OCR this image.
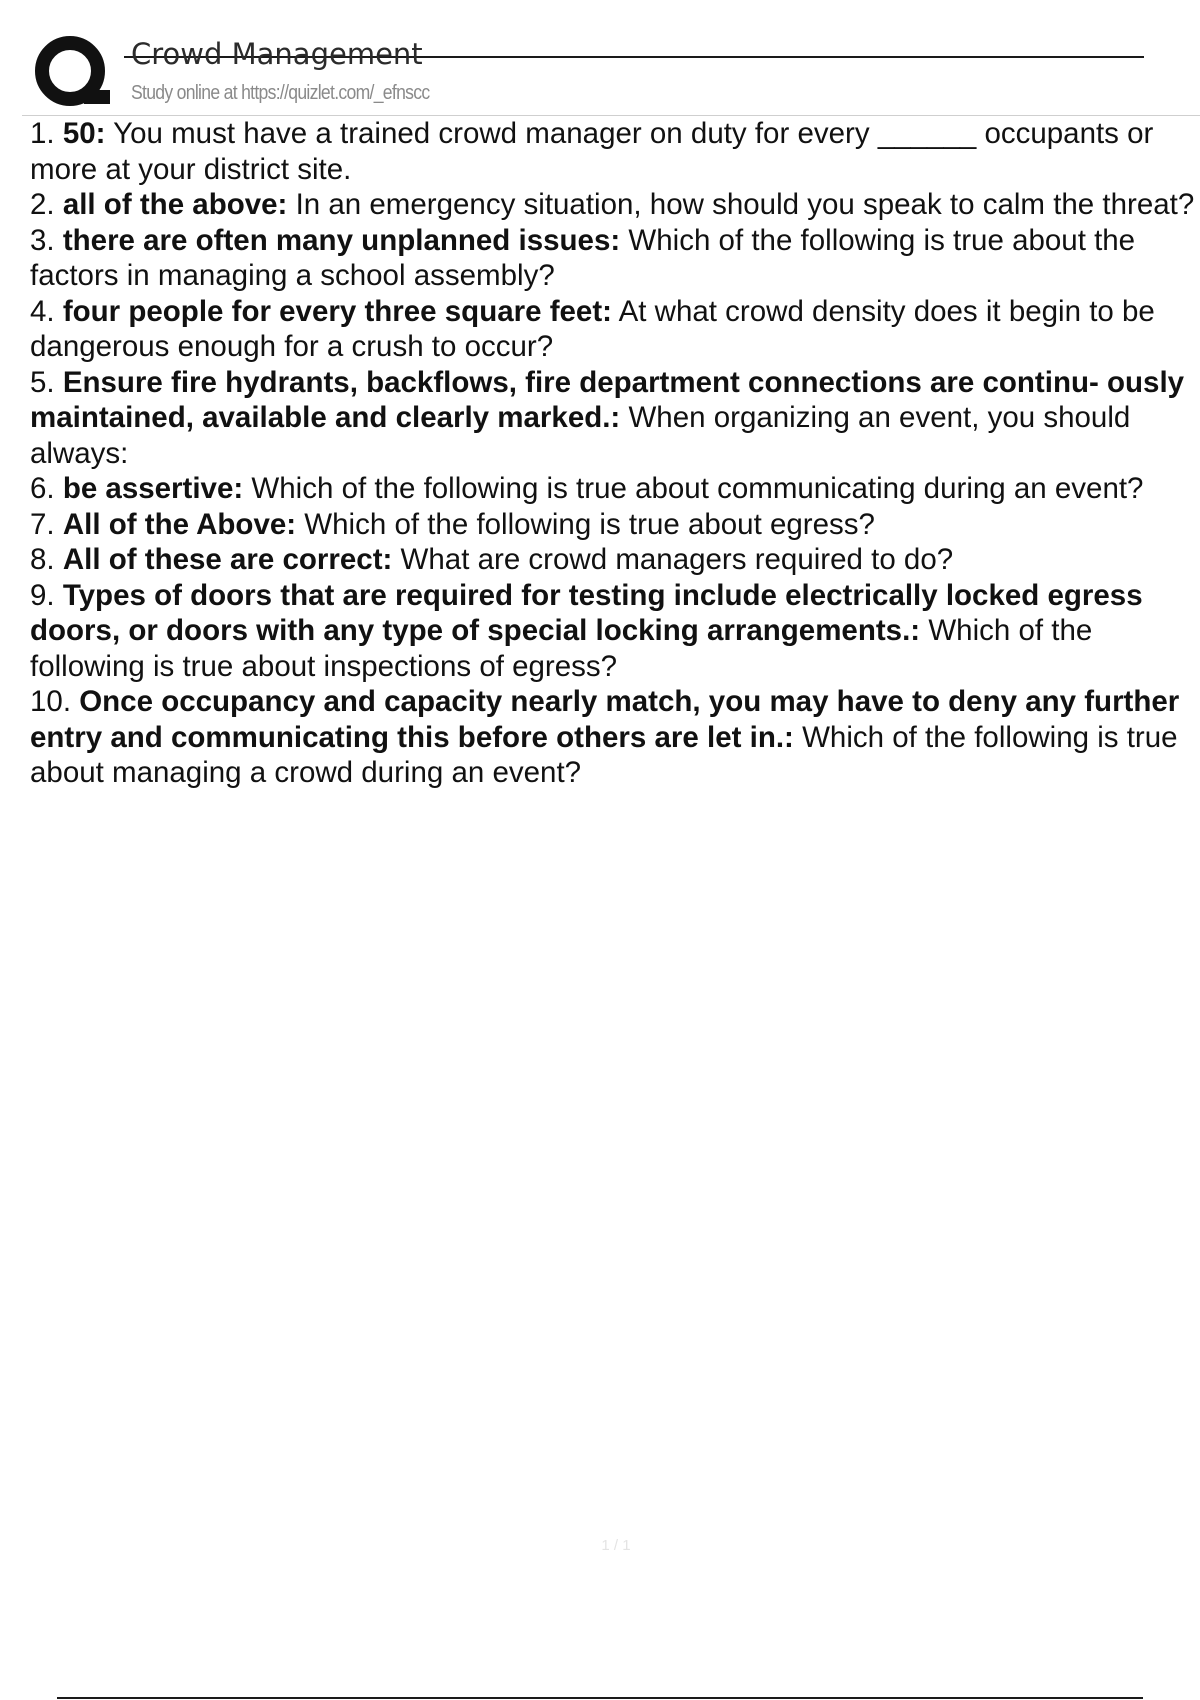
Crowd Management
Study online at https://quizlet.com/_efnscc
1. 50: You must have a trained crowd manager on duty for every ______ occupants or more at your district site.
2. all of the above: In an emergency situation, how should you speak to calm the threat?
3. there are often many unplanned issues: Which of the following is true about the factors in managing a school assembly?
4. four people for every three square feet: At what crowd density does it begin to be dangerous enough for a crush to occur?
5. Ensure fire hydrants, backflows, fire department connections are continu- ously maintained, available and clearly marked.: When organizing an event, you should always:
6. be assertive: Which of the following is true about communicating during an event?
7. All of the Above: Which of the following is true about egress?
8. All of these are correct: What are crowd managers required to do?
9. Types of doors that are required for testing include electrically locked egress doors, or doors with any type of special locking arrangements.: Which of the following is true about inspections of egress?
10. Once occupancy and capacity nearly match, you may have to deny any further entry and communicating this before others are let in.: Which of the following is true about managing a crowd during an event?
1 / 1
